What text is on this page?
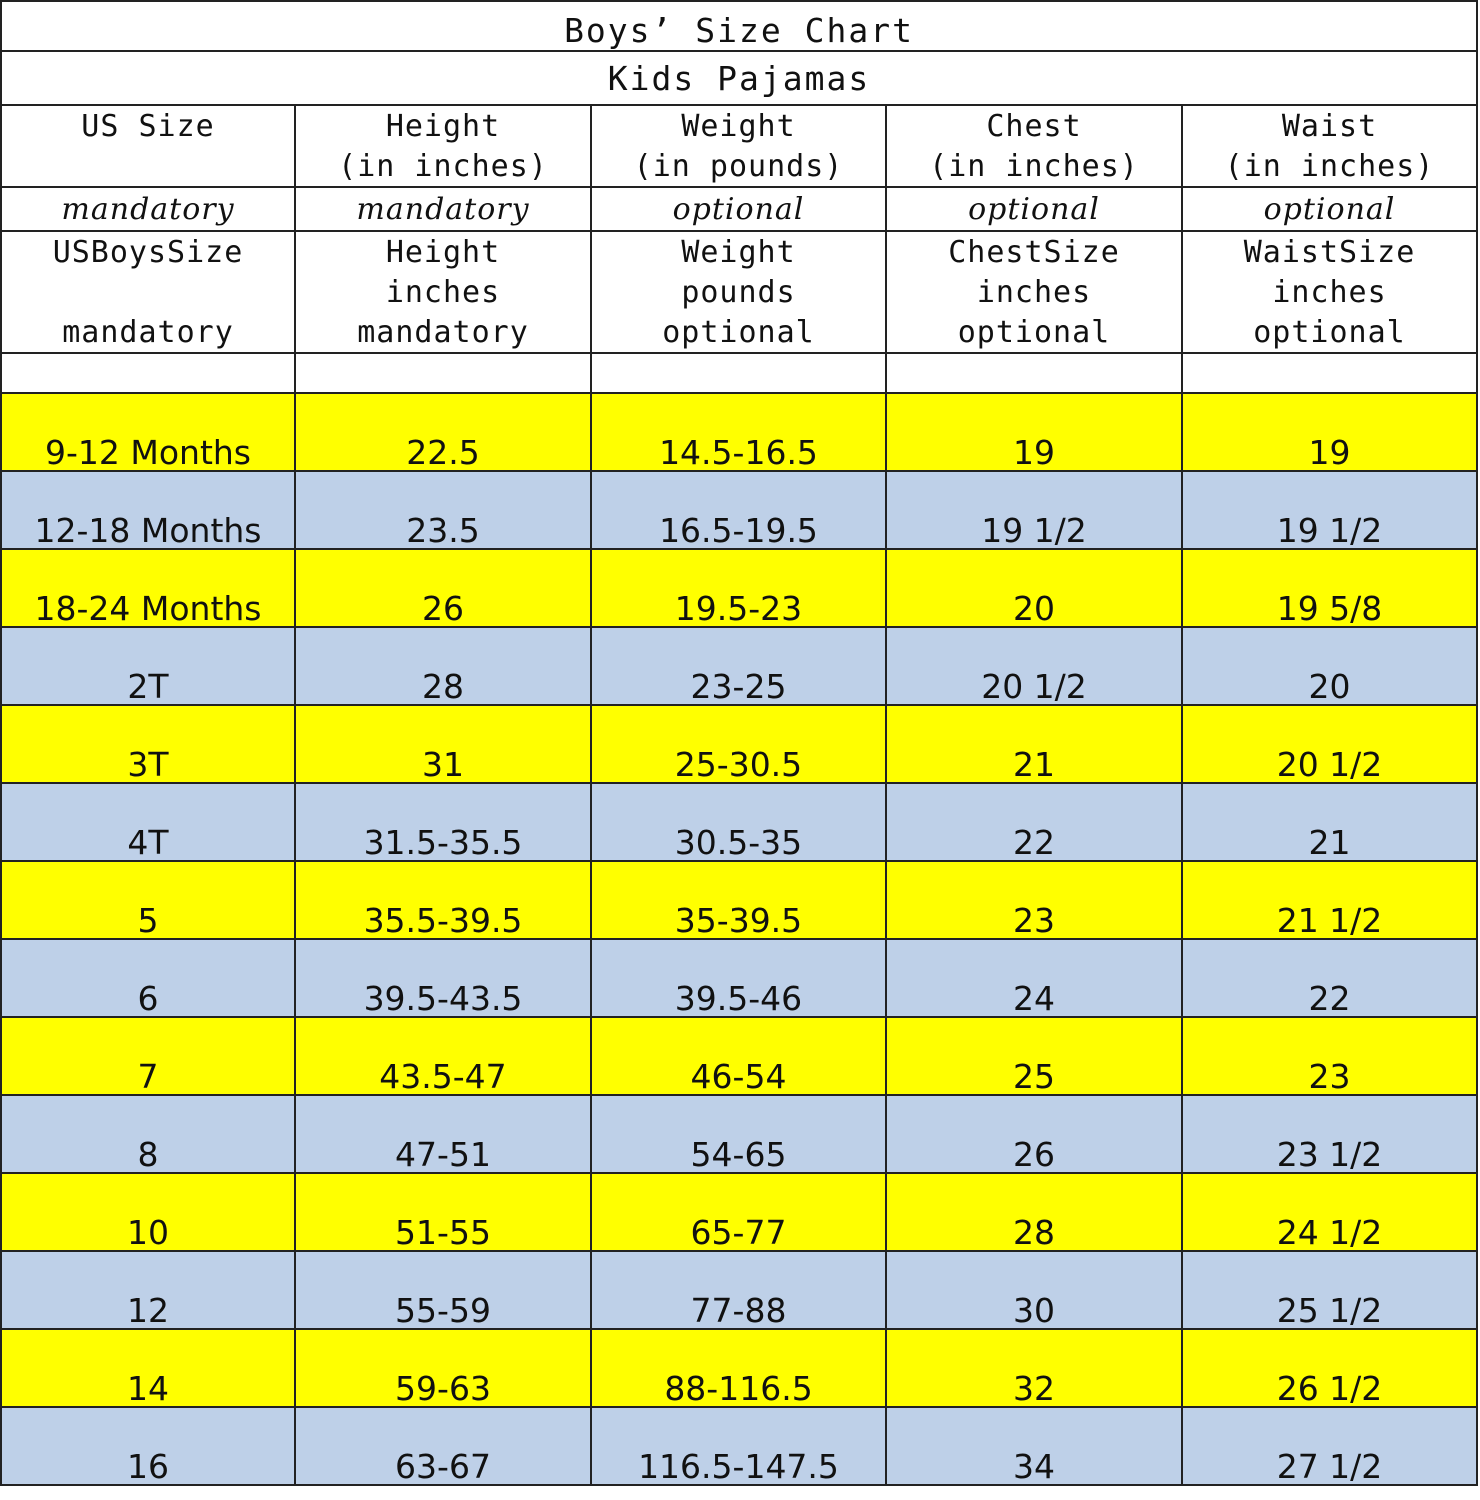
Boys’ Size Chart				
Kids Pajamas				
US Size	Height	Weight	Chest	Waist
	(in inches)	(in pounds)	(in inches)	(in inches)
mandatory	mandatory	optional	optional	optional
USBoysSize	Height	Weight	ChestSize	WaistSize
	inches	pounds	inches	inches
mandatory	mandatory	optional	optional	optional

9-12 Months	22.5	14.5-16.5	19	19
12-18 Months	23.5	16.5-19.5	19 1/2	19 1/2
18-24 Months	26	19.5-23	20	19 5/8
2T	28	23-25	20 1/2	20
3T	31	25-30.5	21	20 1/2
4T	31.5-35.5	30.5-35	22	21
5	35.5-39.5	35-39.5	23	21 1/2
6	39.5-43.5	39.5-46	24	22
7	43.5-47	46-54	25	23
8	47-51	54-65	26	23 1/2
10	51-55	65-77	28	24 1/2
12	55-59	77-88	30	25 1/2
14	59-63	88-116.5	32	26 1/2
16	63-67	116.5-147.5	34	27 1/2
